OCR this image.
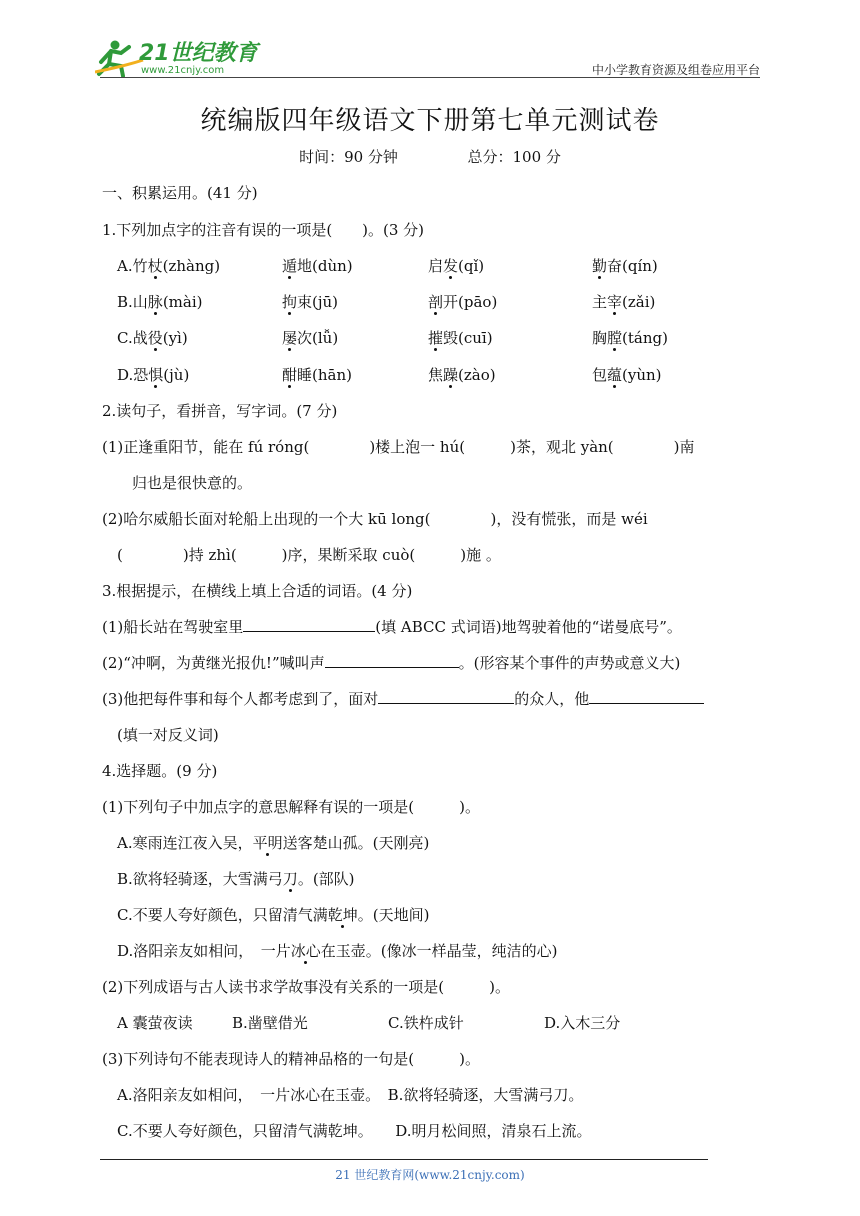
21世纪教育
www.21cnjy.com	中小学教育资源及组卷应用平台
统编版四年级语文下册第七单元测试卷
时间：90 分钟	总分：100 分
一、积累运用。(41 分)
1.下列加点字的注音有误的一项是(　　)。(3 分)
A.竹杖(zhàng)	遁地(dùn)	启发(qǐ)	勤奋(qín)
B.山脉(mài)	拘束(jū)	剖开(pāo)	主宰(zǎi)
C.战役(yì)	屡次(lǚ)	摧毁(cuī)	胸膛(táng)
D.恐惧(jù)	酣睡(hān)	焦躁(zào)	包蕴(yùn)
2.读句子，看拼音，写字词。(7 分)
(1)正逢重阳节，能在 fú róng(　　　　)楼上泡一 hú(　　　)茶，观北 yàn(　　　　)南
归也是很快意的。
(2)哈尔威船长面对轮船上出现的一个大 kū long(　　　　)，没有慌张，而是 wéi
(　　　　)持 zhì(　　　)序，果断采取 cuò(　　　)施 。
3.根据提示，在横线上填上合适的词语。(4 分)
(1)船长站在驾驶室里	(填 ABCC 式词语)地驾驶着他的“诺曼底号”。
(2)“冲啊，为黄继光报仇!”喊叫声	。(形容某个事件的声势或意义大)
(3)他把每件事和每个人都考虑到了，面对	的众人，他
(填一对反义词)
4.选择题。(9 分)
(1)下列句子中加点字的意思解释有误的一项是(　　　)。
A.寒雨连江夜入吴，平明送客楚山孤。(天刚亮)
B.欲将轻骑逐，大雪满弓刀。(部队)
C.不要人夸好颜色，只留清气满乾坤。(天地间)
D.洛阳亲友如相问，　一片冰心在玉壶。(像冰一样晶莹，纯洁的心)
(2)下列成语与古人读书求学故事没有关系的一项是(　　　)。
A 囊萤夜读	B.凿壁借光	C.铁杵成针	D.入木三分
(3)下列诗句不能表现诗人的精神品格的一句是(　　　)。
A.洛阳亲友如相问，　一片冰心在玉壶。　B.欲将轻骑逐，大雪满弓刀。
C.不要人夸好颜色，只留清气满乾坤。　　D.明月松间照，清泉石上流。
21 世纪教育网(www.21cnjy.com)
